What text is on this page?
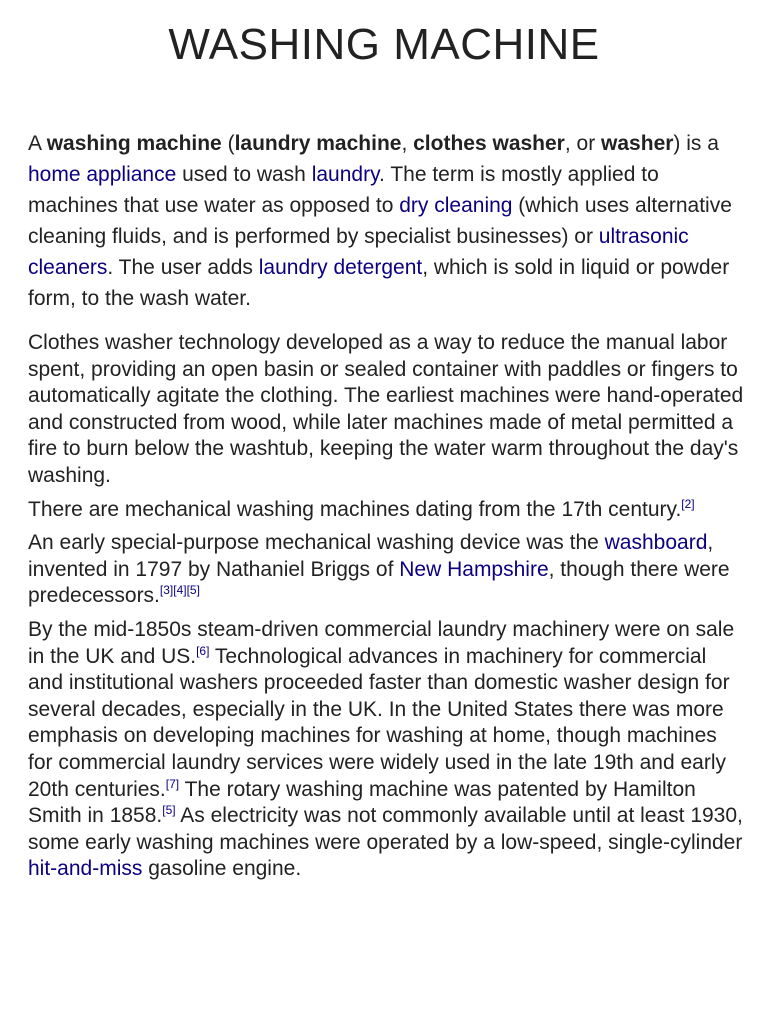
WASHING MACHINE

A washing machine (laundry machine, clothes washer, or washer) is a home appliance used to wash laundry. The term is mostly applied to machines that use water as opposed to dry cleaning (which uses alternative cleaning fluids, and is performed by specialist businesses) or ultrasonic cleaners. The user adds laundry detergent, which is sold in liquid or powder form, to the wash water.

Clothes washer technology developed as a way to reduce the manual labor spent, providing an open basin or sealed container with paddles or fingers to automatically agitate the clothing. The earliest machines were hand-operated and constructed from wood, while later machines made of metal permitted a fire to burn below the washtub, keeping the water warm throughout the day's washing.

There are mechanical washing machines dating from the 17th century.[2]

An early special-purpose mechanical washing device was the washboard, invented in 1797 by Nathaniel Briggs of New Hampshire, though there were predecessors.[3][4][5]

By the mid-1850s steam-driven commercial laundry machinery were on sale in the UK and US.[6] Technological advances in machinery for commercial and institutional washers proceeded faster than domestic washer design for several decades, especially in the UK. In the United States there was more emphasis on developing machines for washing at home, though machines for commercial laundry services were widely used in the late 19th and early 20th centuries.[7] The rotary washing machine was patented by Hamilton Smith in 1858.[5] As electricity was not commonly available until at least 1930, some early washing machines were operated by a low-speed, single-cylinder hit-and-miss gasoline engine.
